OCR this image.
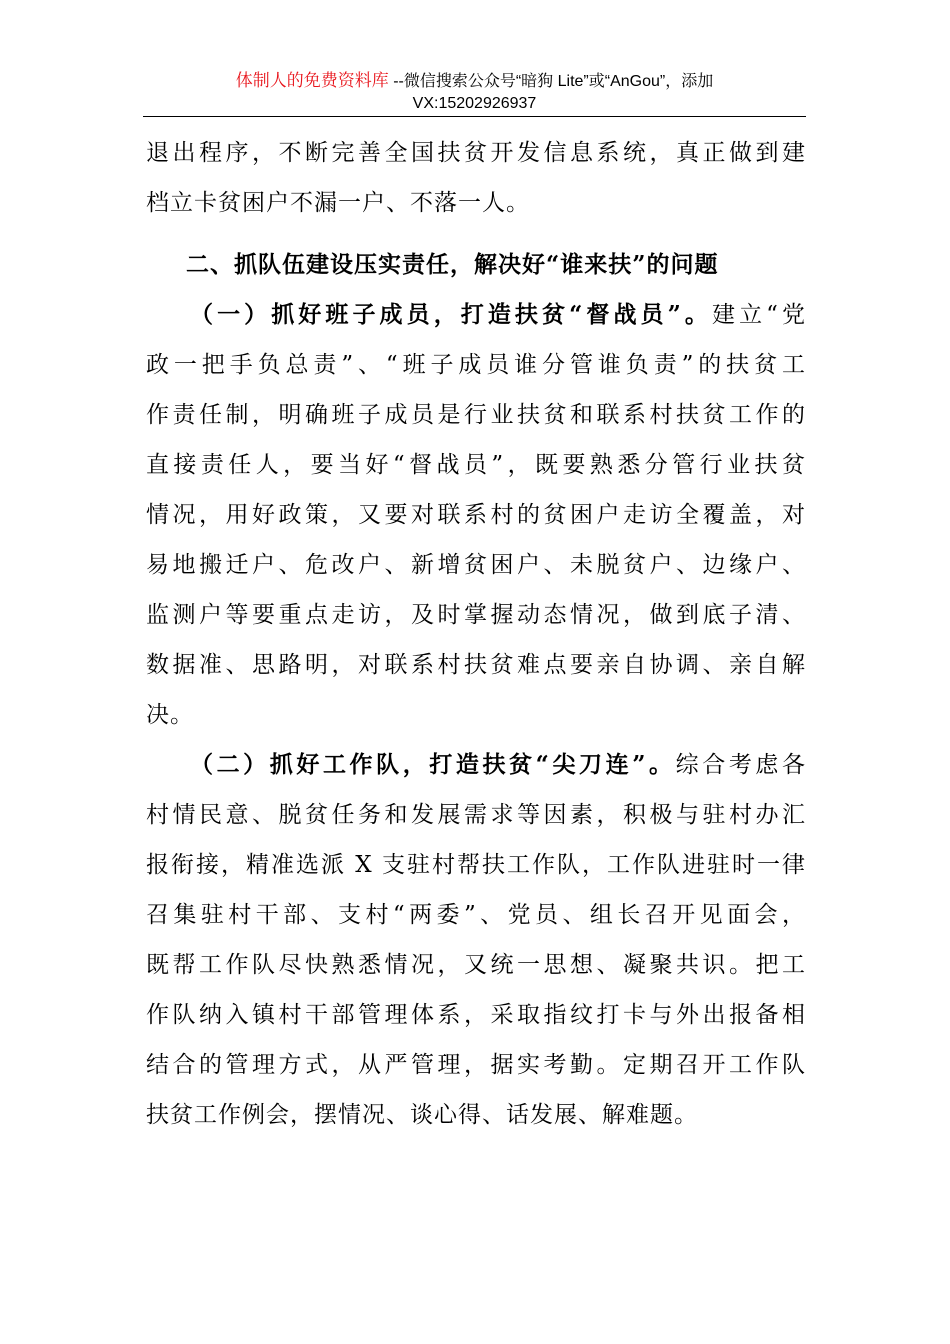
体制人的免费资料库 --微信搜索公众号“暗狗 Lite”或“AnGou”，添加
VX:15202926937
退出程序，不断完善全国扶贫开发信息系统，真正做到建
档立卡贫困户不漏一户、不落一人。
二、抓队伍建设压实责任，解决好“谁来扶”的问题
（一）抓好班子成员，打造扶贫“督战员”。建立“党
政一把手负总责”、“班子成员谁分管谁负责”的扶贫工
作责任制，明确班子成员是行业扶贫和联系村扶贫工作的
直接责任人，要当好“督战员”，既要熟悉分管行业扶贫
情况，用好政策，又要对联系村的贫困户走访全覆盖，对
易地搬迁户、危改户、新增贫困户、未脱贫户、边缘户、
监测户等要重点走访，及时掌握动态情况，做到底子清、
数据准、思路明，对联系村扶贫难点要亲自协调、亲自解
决。
（二）抓好工作队，打造扶贫“尖刀连”。综合考虑各
村情民意、脱贫任务和发展需求等因素，积极与驻村办汇
报衔接，精准选派 X 支驻村帮扶工作队，工作队进驻时一律
召集驻村干部、支村“两委”、党员、组长召开见面会，
既帮工作队尽快熟悉情况，又统一思想、凝聚共识。把工
作队纳入镇村干部管理体系，采取指纹打卡与外出报备相
结合的管理方式，从严管理，据实考勤。定期召开工作队
扶贫工作例会，摆情况、谈心得、话发展、解难题。
